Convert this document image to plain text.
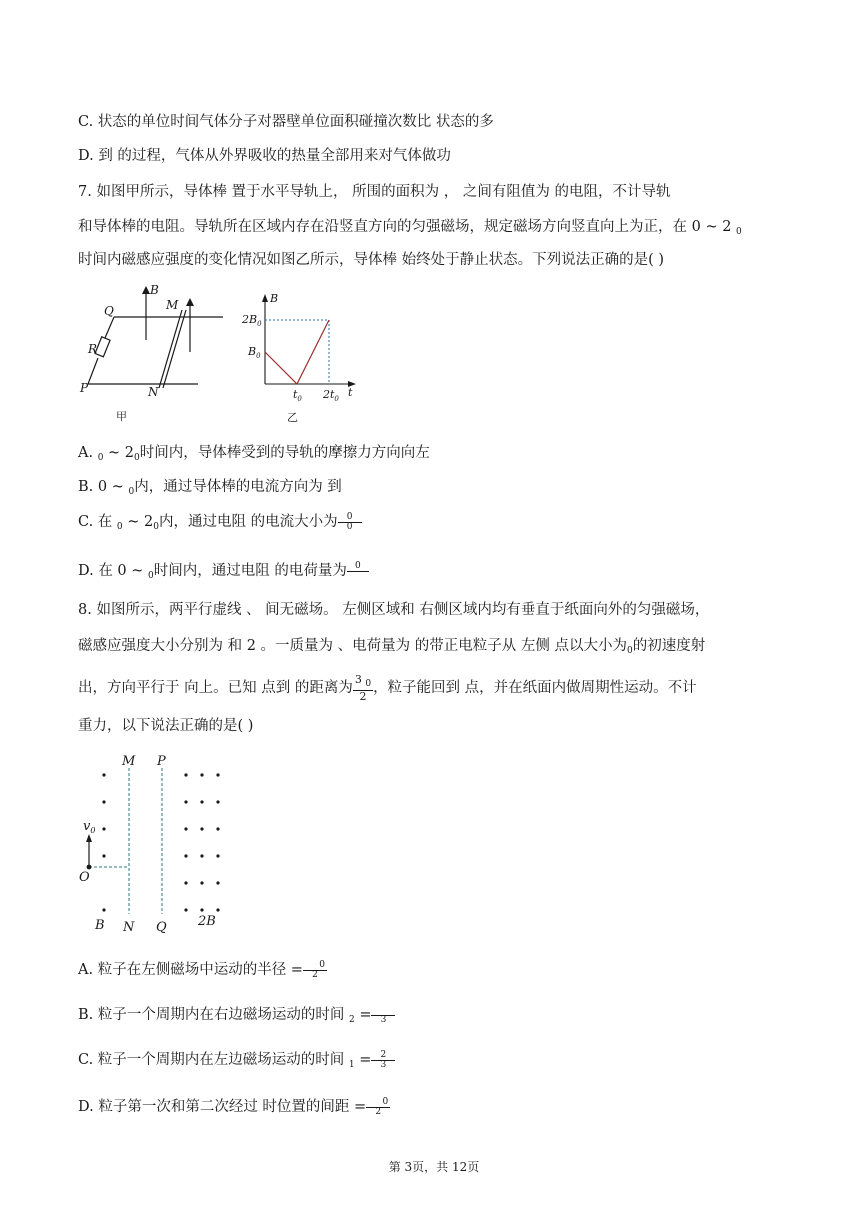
C. 状态的单位时间气体分子对器壁单位面积碰撞次数比 状态的多
D. 到 的过程，气体从外界吸收的热量全部用来对气体做功
7. 如图甲所示，导体棒 置于水平导轨上， 所围的面积为 ， 之间有阻值为 的电阻，不计导轨
和导体棒的电阻。导轨所在区域内存在沿竖直方向的匀强磁场，规定磁场方向竖直向上为正，在 0 ~ 2 $_0$
时间内磁感应强度的变化情况如图乙所示，导体棒 始终处于静止状态。下列说法正确的是( )
Q
B
M
R
P	N
甲
B
$2B_0$
$B_0$
$t_0$ $2t_0$ t
乙
A. $_0$ ~ $2_0$时间内，导体棒受到的导轨的摩擦力方向向左
B. 0 ~ $_0$内，通过导体棒的电流方向为 到
C. 在 $_0$ ~ $2_0$内，通过电阻 的电流大小为 $\frac{0}{0}$
D. 在 0 ~ $_0$时间内，通过电阻 的电荷量为 0
8. 如图所示，两平行虚线 、 间无磁场。 左侧区域和 右侧区域内均有垂直于纸面向外的匀强磁场，
磁感应强度大小分别为 和 2 。一质量为 、电荷量为 的带正电粒子从 左侧 点以大小为$_0$的初速度射
出，方向平行于 向上。已知 点到 的距离为 $\frac{3 _0}{2}$ ，粒子能回到 点，并在纸面内做周期性运动。不计
重力，以下说法正确的是( )
M P
$v_0$
O
B N Q 2B
A. 粒子在左侧磁场中运动的半径 = $\frac{0}{2}$
B. 粒子一个周期内在右边磁场运动的时间 $_2$ =	3
C. 粒子一个周期内在左边磁场运动的时间 $_1 = \frac{2}{3}$
D. 粒子第一次和第二次经过 时位置的间距 = $\frac{0}{2}$
第 3页，共 12页
